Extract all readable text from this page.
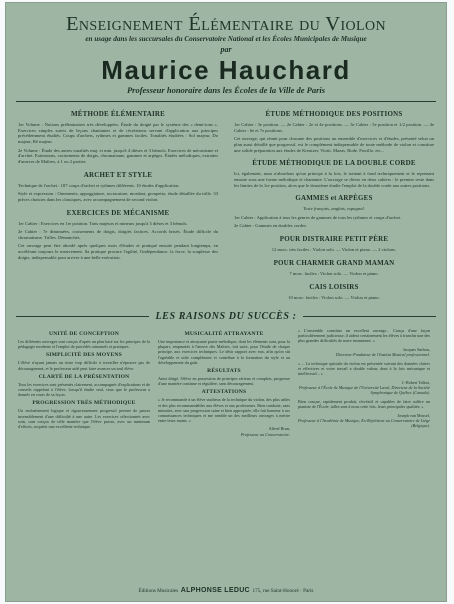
Enseignement Élémentaire du Violon
en usage dans les succursales du Conservatoire National et les Écoles Municipales de Musique
par
Maurice Hauchard
Professeur honoraire dans les Écoles de la Ville de Paris
MÉTHODE ÉLÉMENTAIRE

1er Volume : Notions préliminaires très développées. Étude du doigté par le système des « demi-tons ». Exercices simples suivis de leçons chantantes et de récréations servant d'application aux principes précédemment étudiés. Coups d'archets, rythmes et gammes faciles. Tonalités étudiées : Sol majeur, Do majeur, Ré majeur.

2e Volume : Étude des autres tonalités maj. et min. jusqu'à 4 dièses et 3 bémols. Exercices de mécanisme et d'archet. Extensions, croisements de doigts, chromatisme, gammes et arpèges. Études mélodiques, extraites d'œuvres de Maîtres, à 1 ou 2 parties.

ARCHET ET STYLE

Technique de l'archet : 187 coups d'archet et rythmes différents. 10 études d'application.

Style et expression : Ornements, appoggiature, acciacature, mordant, groupetto, étude détaillée du trille. 33 pièces choisies dans les classiques, avec accompagnement de second violon.

EXERCICES DE MÉCANISME

1er Cahier : Exercices en 1re position. Tons majeurs et mineurs jusqu'à 3 dièses et 3 bémols.

2e Cahier : 7e diminuées, croisements de doigts, doigtés factices. Accords brisés. Étude difficile du chromatisme. Trilles. Démanchés.

Cet ouvrage peut être abordé après quelques mois d'études et pratiqué ensuite pendant longtemps, en accélérant toujours le mouvement. Sa pratique procure l'agilité, l'indépendance, la force, la souplesse des doigts, indispensable pour arriver à une belle exécution.

ÉTUDE MÉTHODIQUE DES POSITIONS

1er Cahier : 3e position. — 2e Cahier : 2e et 4e positions. — 3e Cahier : 5e position et 1/2 position. — 4e Cahier : 6e et 7e positions.

Cet ouvrage, qui réunit pour chacune des positions un ensemble d'exercices et d'études, présenté selon un plan aussi détaillé que progressif, est le complément indispensable de toute méthode de violon et constitue une solide préparation aux études de Kreutzer, Viotti, Mazas, Rode, Fiorillo, etc...

ÉTUDE MÉTHODIQUE DE LA DOUBLE CORDE

Ici, également, nous n'abordons qu'un principe à la fois, le traitant à fond techniquement et le reprenant ensuite sous une forme mélodique et chantante. L'ouvrage se divise en deux cahiers : le premier reste dans les limites de la 1re position, alors que le deuxième étudie l'emploi de la double corde aux autres positions.

GAMMES et ARPÈGES

Texte français, anglais, espagnol.

1er Cahier : Application à tous les genres de gammes de tous les rythmes et coups d'archet.

2e Cahier : Gammes en doubles cordes.

POUR DISTRAIRE PETIT PÈRE

12 morc. très faciles : Violon solo. — Violon et piano. — 2 violons.

POUR CHARMER GRAND MAMAN

7 morc. faciles : Violon solo. — Violon et piano.

CAIS LOISIRS

10 morc. faciles : Violon solo. — Violon et piano.

LES RAISONS DU SUCCÈS :
UNITÉ DE CONCEPTION

Les différents ouvrages sont conçus d'après un plan basé sur les principes de la pédagogie moderne et l'emploi de procédés rationnels et pratiques.

SIMPLICITÉ DES MOYENS

L'élève n'ayant jamais un texte trop difficile à travailler n'éprouve pas de découragement, et le professeur aidé peut faire avancer un seul élève.

CLARTÉ DE LA PRÉSENTATION

Tous les exercices sont présentés clairement, accompagnés d'explications et de conseils rappelant à l'élève, lorsqu'il étudie seul, ceux que le professeur a donnés en cours de sa leçon.

PROGRESSION TRÈS MÉTHODIQUE

Un enchaînement logique et rigoureusement progressif permet de passer insensiblement d'une difficulté à une autre. Les exercices sélectionnés avec soin, sont conçus de telle manière que l'élève puisse, avec un minimum d'efforts, acquérir une excellente technique.

MUSICALITÉ ATTRAYANTE

Une importance et attrayante partie mélodique, dont les éléments sont, pour la plupart, empruntés à l'œuvre des Maîtres, fait suite, pour l'étude de chaque principe, aux exercices techniques. Le désir rapport avec eux, afin qu'on sût l'agréable et utile complément et contribue à la formation du style et au développement du goût.

RÉSULTATS

Ainsi dirigé, l'élève en possession de principes sérieux et complets, progresse d'une manière continue et régulière, sans découragement.

ATTESTATIONS

« Je recommande à un élève studieux de la technique du violon, des plus utiles et des plus recommandables aux élèves et aux professeurs. Bien conduite, sans minuties, avec une progression saine et bien appropriée, elle fait honneur à ses connaissances techniques et me semble un des meilleurs ouvrages à mettre entre leurs mains. »

Alfred Brun,
Professeur au Conservatoire.

« L'ensemble constitue un excellent ouvrage... Conçu d'une façon particulièrement judicieuse, il aidera certainement les élèves à franchir une des plus grandes difficultés de notre instrument. »

Jacques Sarbou,
Directeur-Fondateur de l'Institut Musical professionnel.

« ... La technique spéciale du violon est présentée suivant des données claires et effectives et votre travail a double valeur, dont à la fois mécanique et intellectuel... »

J.-Robert Talbot,
Professeur à l'École de Musique de l'Université Laval, Directeur de la Société Symphonique de Québec (Canada).

Bien conçue, rapidement produit, récréatif et capables de faire suffire un pianiste de l'École, talles sont à nous cette fois, leurs principales qualités. »

Joseph van Mossel,
Professeur à l'Académie de Musique, Ex-Répétiteur au Conservatoire de Liège (Belgique).

Éditions Musicales ALPHONSE LEDUC 175, rue Saint-Honoré · Paris
